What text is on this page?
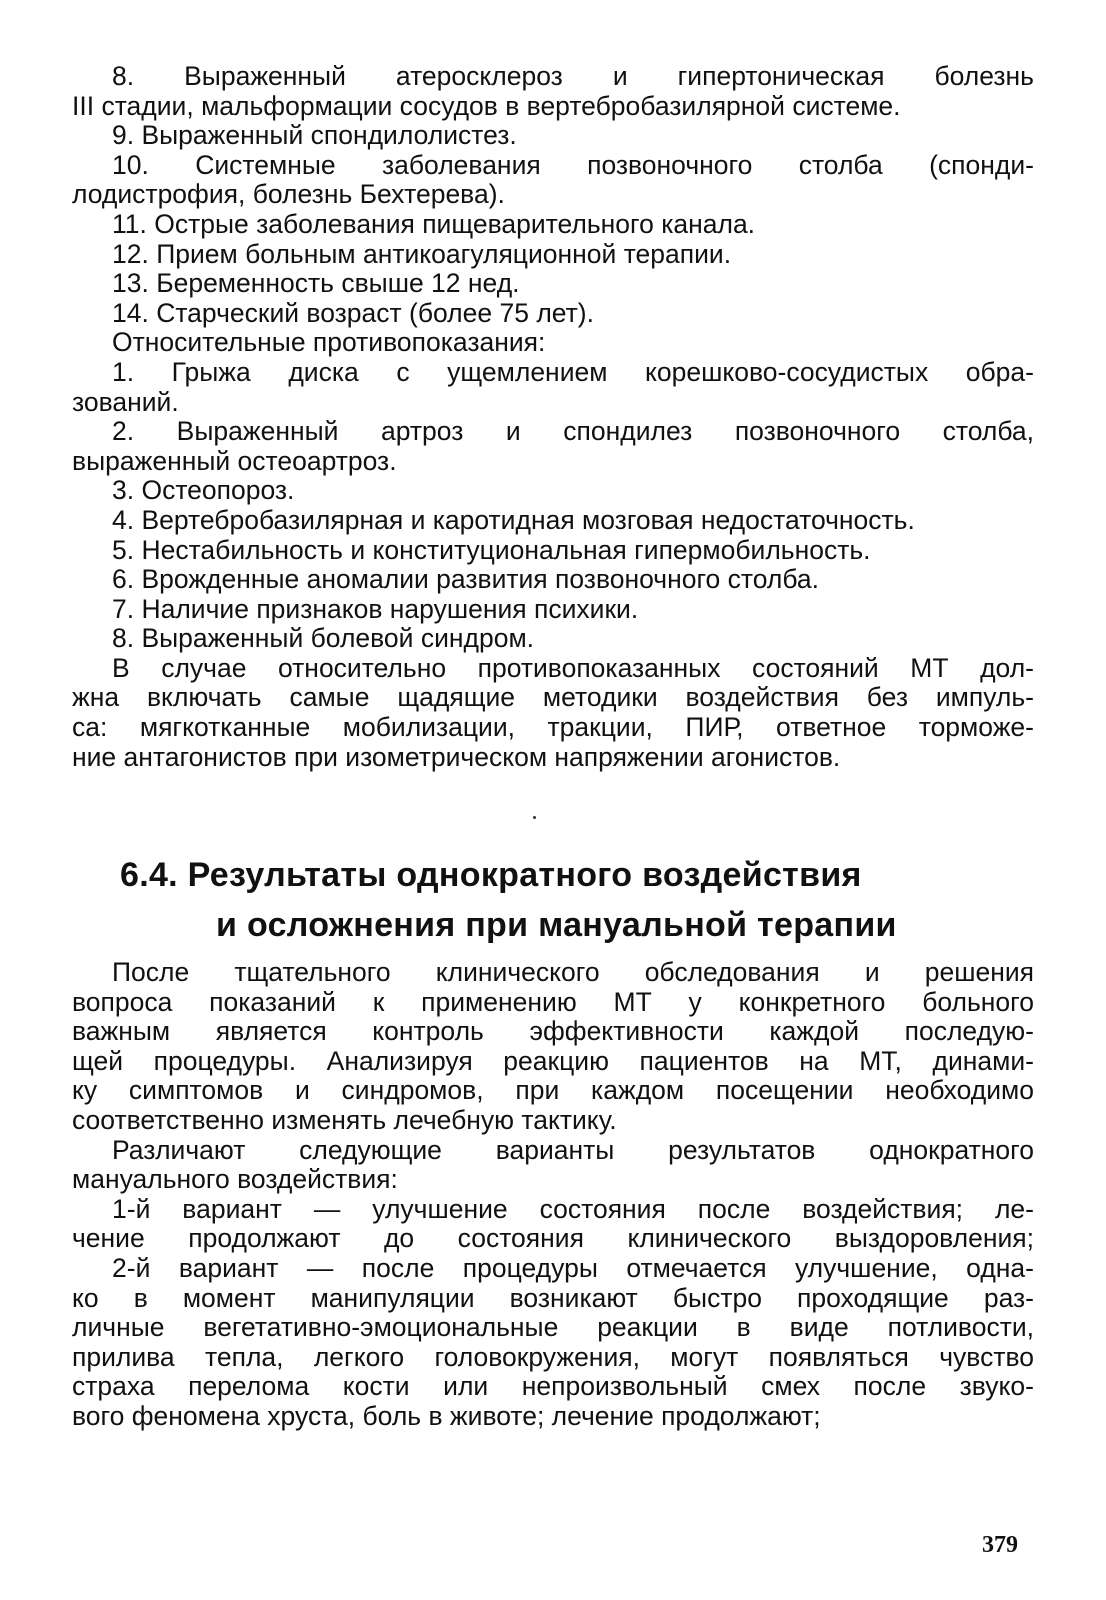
8. Выраженный атеросклероз и гипертоническая болезнь

III стадии, мальформации сосудов в вертебробазилярной системе.

9. Выраженный спондилолистез.

10. Системные заболевания позвоночного столба (спонди-

лодистрофия, болезнь Бехтерева).

11. Острые заболевания пищеварительного канала.

12. Прием больным антикоагуляционной терапии.

13. Беременность свыше 12 нед.

14. Старческий возраст (более 75 лет).

Относительные противопоказания:

1. Грыжа диска с ущемлением корешково-сосудистых обра-

зований.

2. Выраженный артроз и спондилез позвоночного столба,

выраженный остеоартроз.

3. Остеопороз.

4. Вертебробазилярная и каротидная мозговая недостаточность.

5. Нестабильность и конституциональная гипермобильность.

6. Врожденные аномалии развития позвоночного столба.

7. Наличие признаков нарушения психики.

8. Выраженный болевой синдром.

В случае относительно противопоказанных состояний МТ дол-

жна включать самые щадящие методики воздействия без импуль-

са: мягкотканные мобилизации, тракции, ПИР, ответное торможе-

ние антагонистов при изометрическом напряжении агонистов.

6.4. Результаты однократного воздействия
и осложнения при мануальной терапии

После тщательного клинического обследования и решения

вопроса показаний к применению МТ у конкретного больного

важным является контроль эффективности каждой последую-

щей процедуры. Анализируя реакцию пациентов на МТ, динами-

ку симптомов и синдромов, при каждом посещении необходимо

соответственно изменять лечебную тактику.

Различают следующие варианты результатов однократного

мануального воздействия:

1-й вариант — улучшение состояния после воздействия; ле-

чение продолжают до состояния клинического выздоровления;

2-й вариант — после процедуры отмечается улучшение, одна-

ко в момент манипуляции возникают быстро проходящие раз-

личные вегетативно-эмоциональные реакции в виде потливости,

прилива тепла, легкого головокружения, могут появляться чувство

страха перелома кости или непроизвольный смех после звуко-

вого феномена хруста, боль в животе; лечение продолжают;

379
